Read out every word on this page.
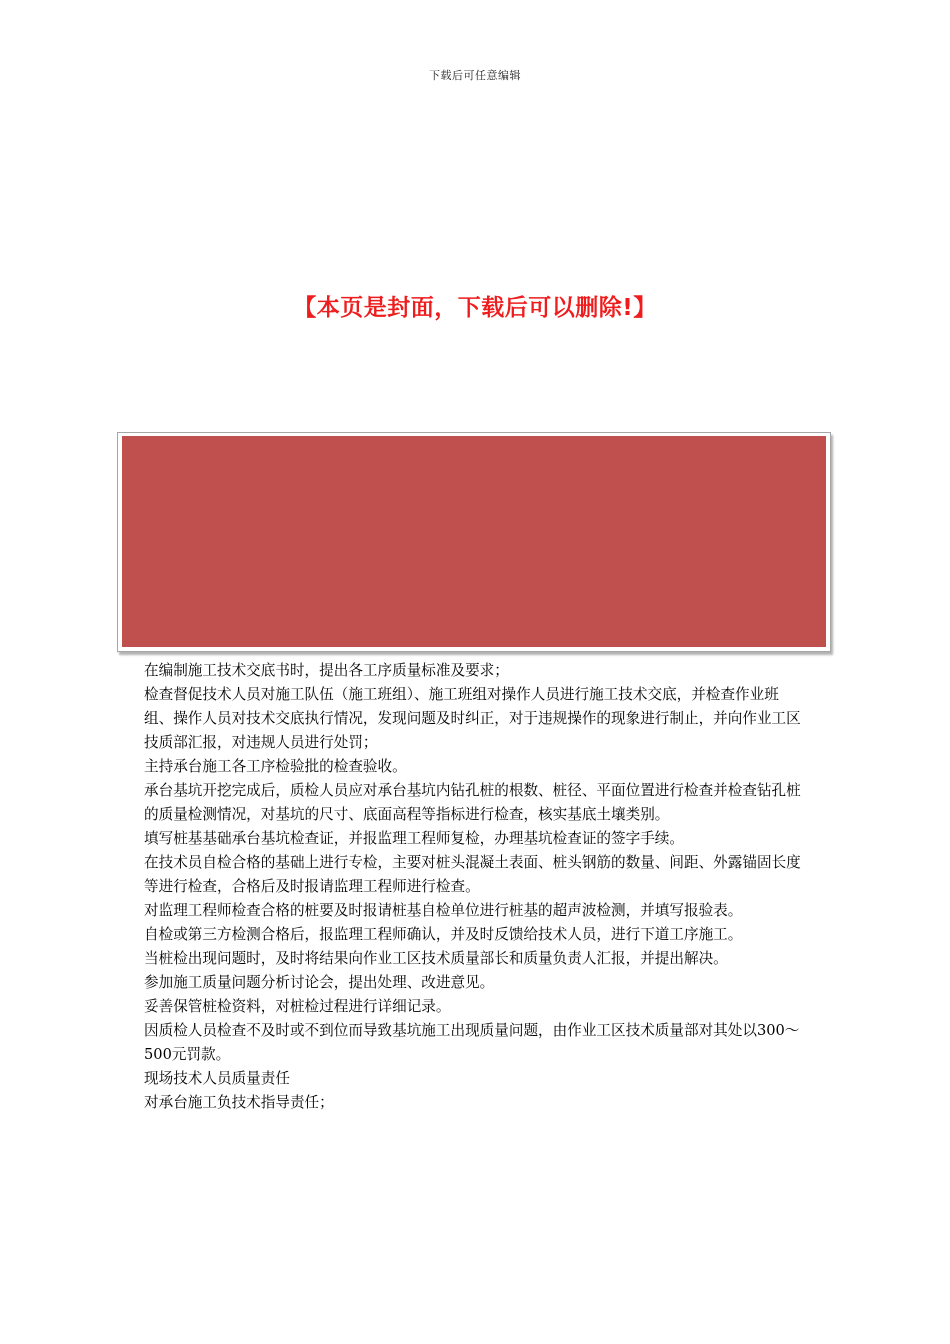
下载后可任意编辑
【本页是封面，下载后可以删除!】

在编制施工技术交底书时，提出各工序质量标准及要求；

检查督促技术人员对施工队伍（施工班组）、施工班组对操作人员进行施工技术交底，并检查作业班组、操作人员对技术交底执行情况，发现问题及时纠正，对于违规操作的现象进行制止，并向作业工区技质部汇报，对违规人员进行处罚；

主持承台施工各工序检验批的检查验收。

承台基坑开挖完成后，质检人员应对承台基坑内钻孔桩的根数、桩径、平面位置进行检查并检查钻孔桩的质量检测情况，对基坑的尺寸、底面高程等指标进行检查，核实基底土壤类别。

填写桩基基础承台基坑检查证，并报监理工程师复检，办理基坑检查证的签字手续。

在技术员自检合格的基础上进行专检，主要对桩头混凝土表面、桩头钢筋的数量、间距、外露锚固长度等进行检查，合格后及时报请监理工程师进行检查。

对监理工程师检查合格的桩要及时报请桩基自检单位进行桩基的超声波检测，并填写报验表。

自检或第三方检测合格后，报监理工程师确认，并及时反馈给技术人员，进行下道工序施工。

当桩检出现问题时，及时将结果向作业工区技术质量部长和质量负责人汇报，并提出解决。

参加施工质量问题分析讨论会，提出处理、改进意见。

妥善保管桩检资料，对桩检过程进行详细记录。

因质检人员检查不及时或不到位而导致基坑施工出现质量问题，由作业工区技术质量部对其处以300～500元罚款。

现场技术人员质量责任

对承台施工负技术指导责任；
